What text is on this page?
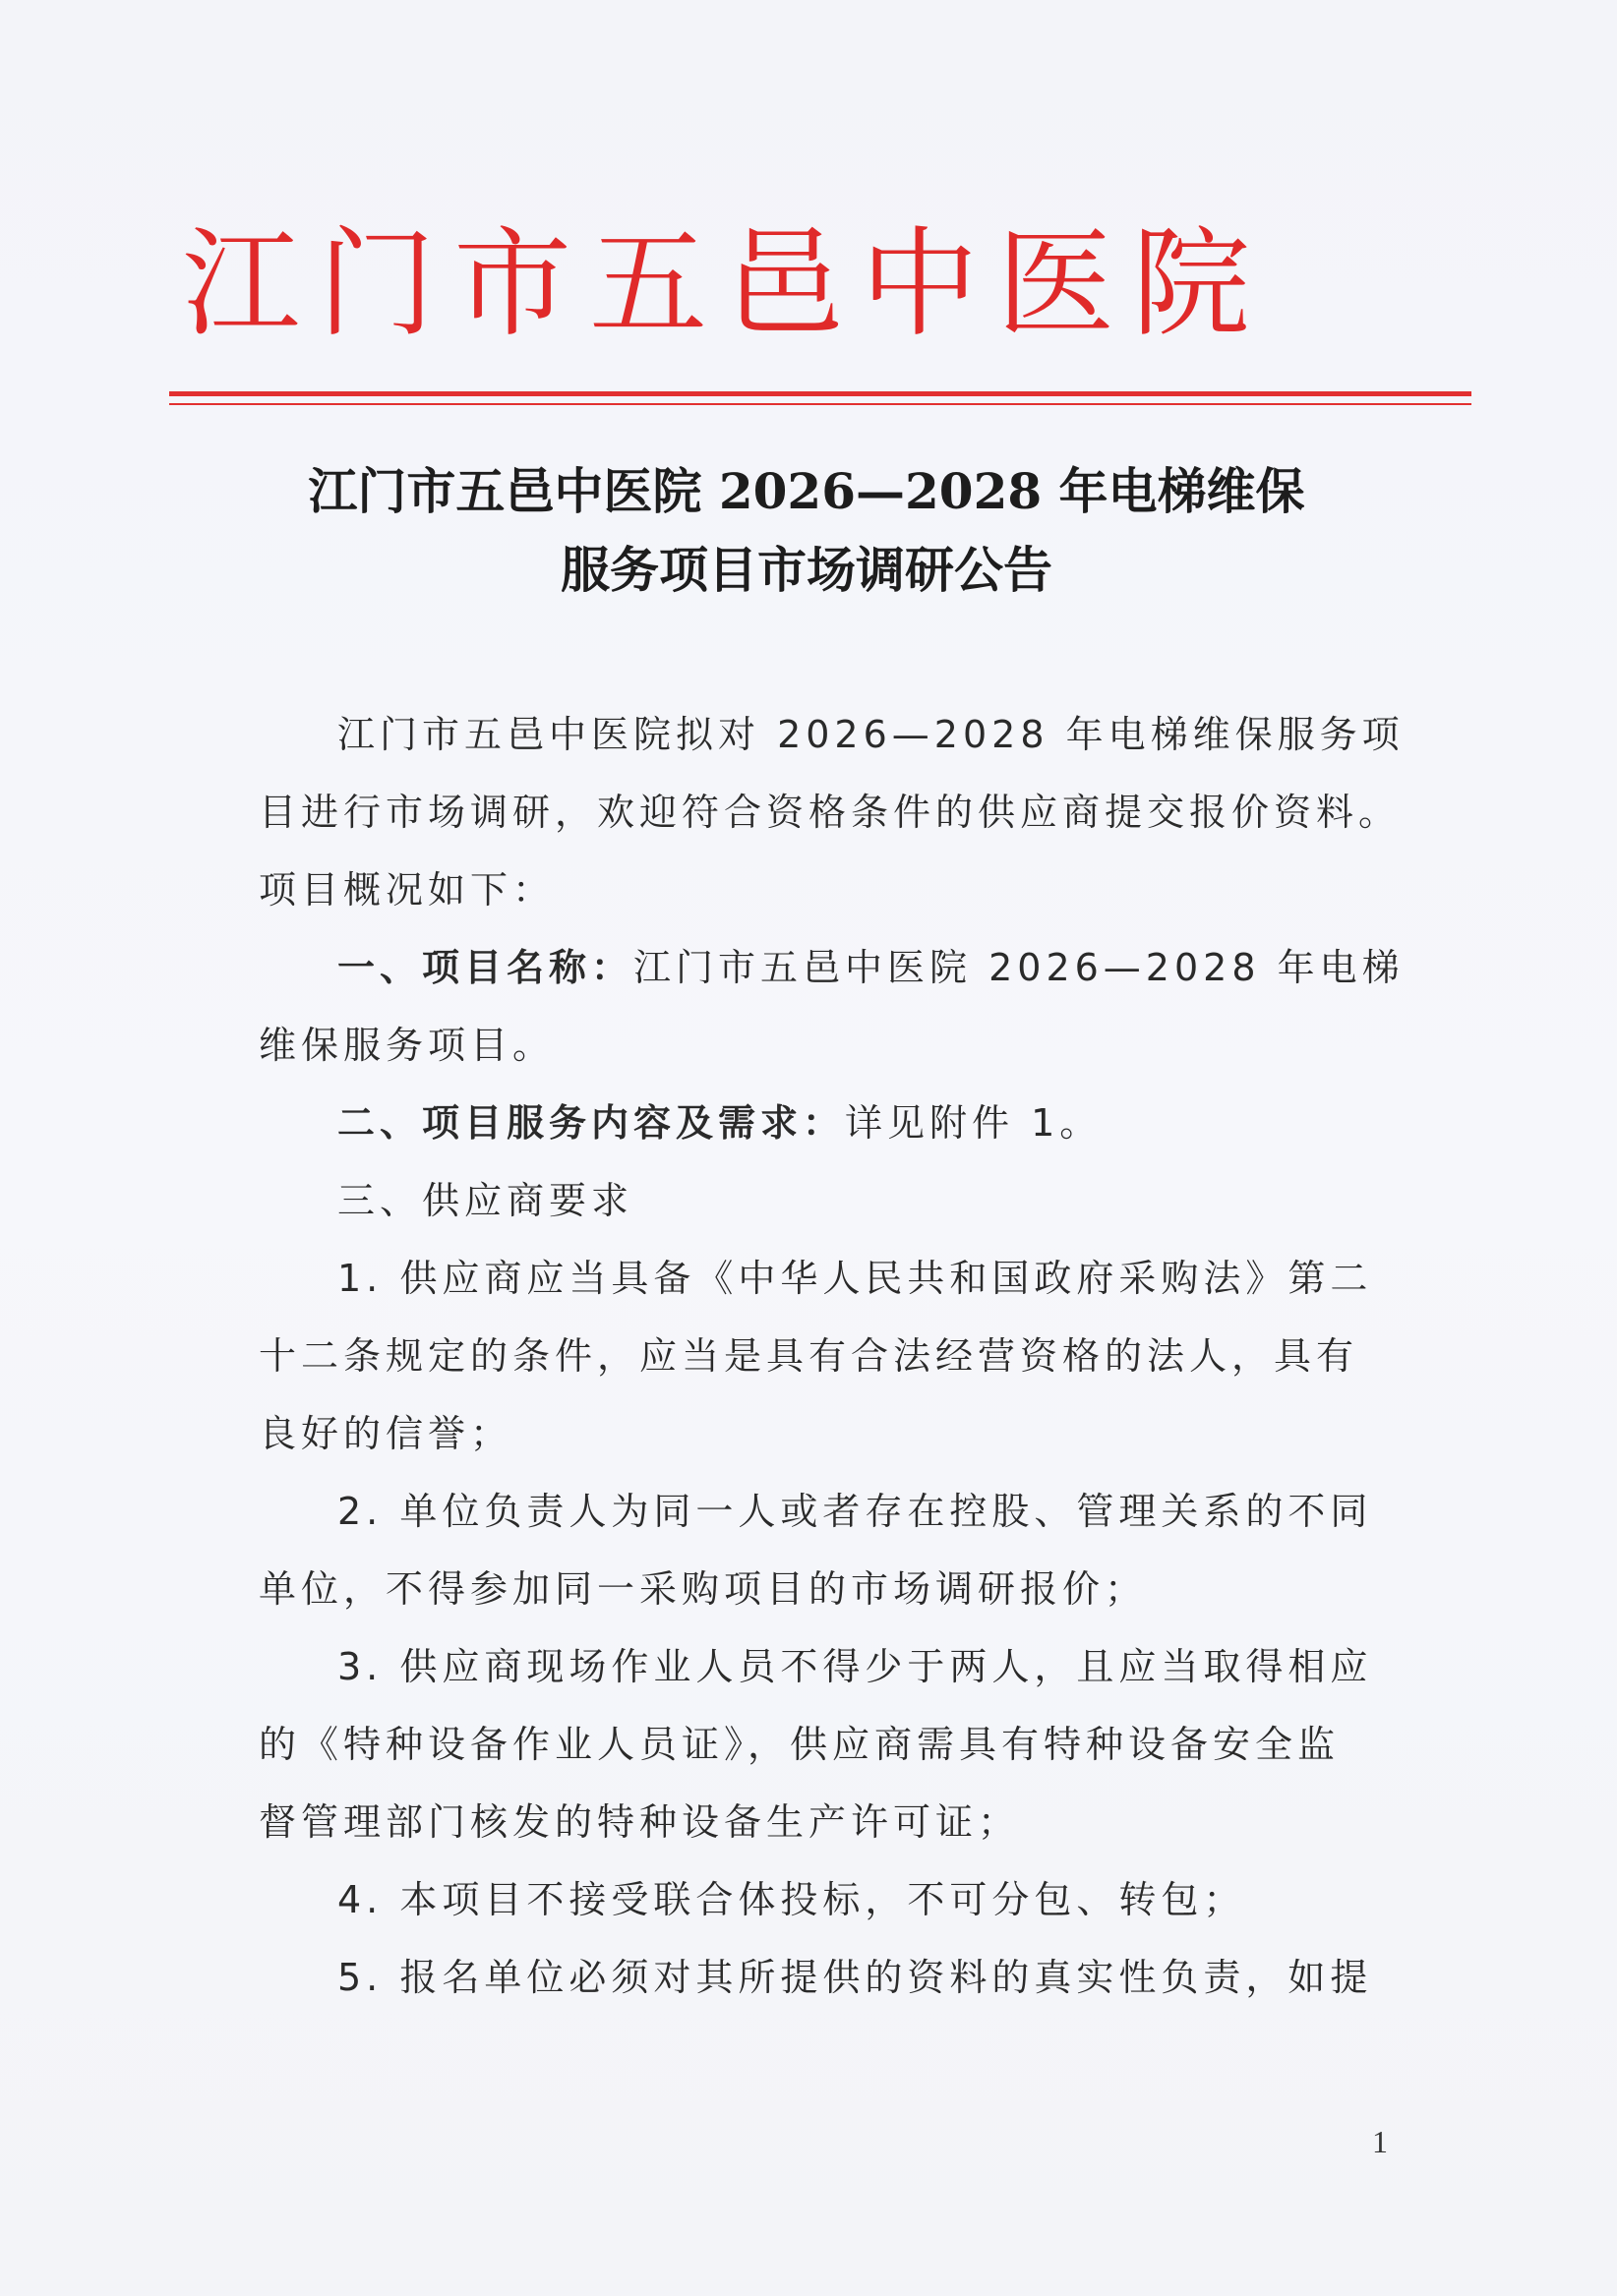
江门市五邑中医院
江门市五邑中医院 2026—2028 年电梯维保
服务项目市场调研公告

江门市五邑中医院拟对 2026—2028 年电梯维保服务项

目进行市场调研，欢迎符合资格条件的供应商提交报价资料。

项目概况如下：

一、项目名称：江门市五邑中医院 2026—2028 年电梯

维保服务项目。

二、项目服务内容及需求：详见附件 1。

三、供应商要求

1. 供应商应当具备《中华人民共和国政府采购法》第二

十二条规定的条件，应当是具有合法经营资格的法人，具有

良好的信誉；

2. 单位负责人为同一人或者存在控股、管理关系的不同

单位，不得参加同一采购项目的市场调研报价；

3. 供应商现场作业人员不得少于两人，且应当取得相应

的《特种设备作业人员证》，供应商需具有特种设备安全监

督管理部门核发的特种设备生产许可证；

4. 本项目不接受联合体投标，不可分包、转包；

5. 报名单位必须对其所提供的资料的真实性负责，如提

1
